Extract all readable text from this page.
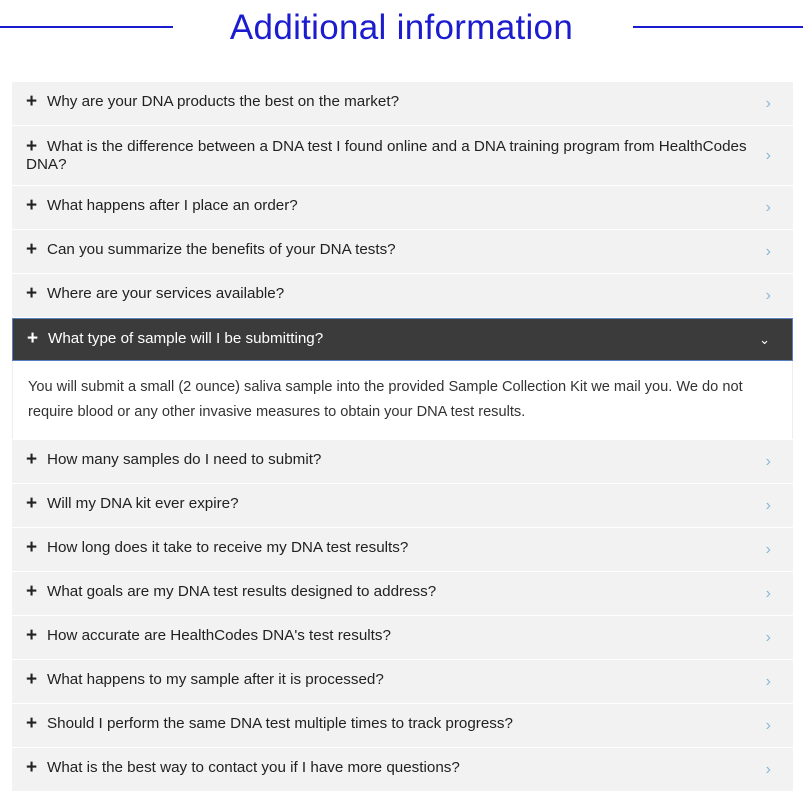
Additional information
+ Why are your DNA products the best on the market?	›
+ What is the difference between a DNA test I found online and a DNA training program from HealthCodes DNA?
›
+ What happens after I place an order?	›
+ Can you summarize the benefits of your DNA tests?	›
+ Where are your services available?	›
+ What type of sample will I be submitting?	⌄
You will submit a small (2 ounce) saliva sample into the provided Sample Collection Kit we mail you. We do not require blood or any other invasive measures to obtain your DNA test results.
+ How many samples do I need to submit?	›
+ Will my DNA kit ever expire?	›
+ How long does it take to receive my DNA test results?	›
+ What goals are my DNA test results designed to address?	›
+ How accurate are HealthCodes DNA's test results?	›
+ What happens to my sample after it is processed?	›
+ Should I perform the same DNA test multiple times to track progress?	›
+ What is the best way to contact you if I have more questions?	›
